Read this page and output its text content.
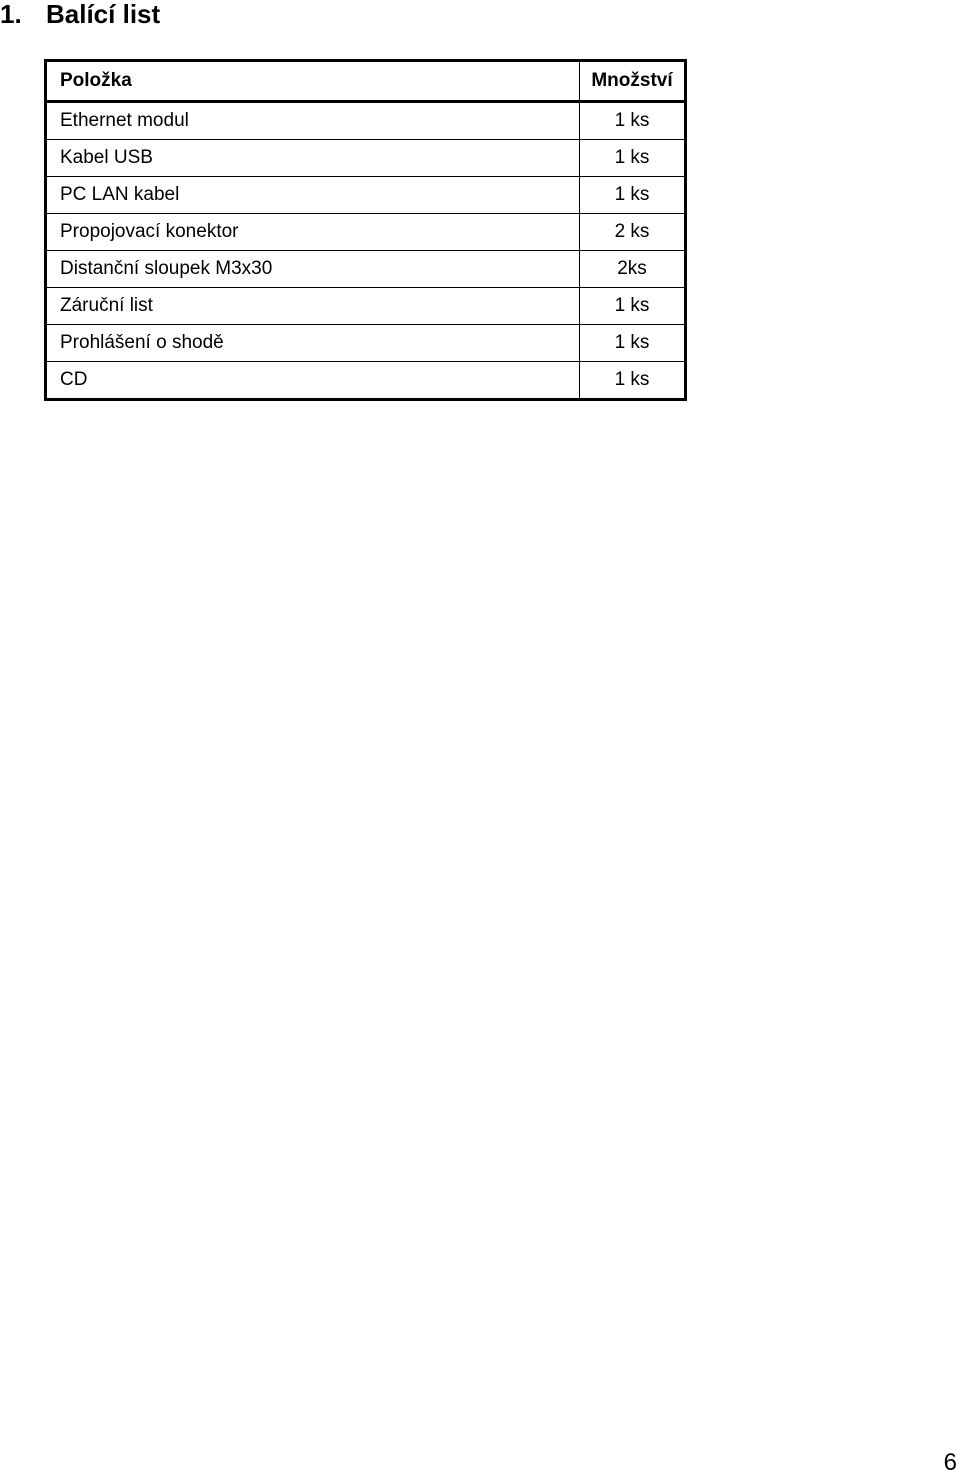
1. Balící list
Položka	Množství
Ethernet modul	1 ks
Kabel USB	1 ks
PC LAN kabel	1 ks
Propojovací konektor	2 ks
Distanční sloupek M3x30	2ks
Záruční list	1 ks
Prohlášení o shodě	1 ks
CD	1 ks
6
